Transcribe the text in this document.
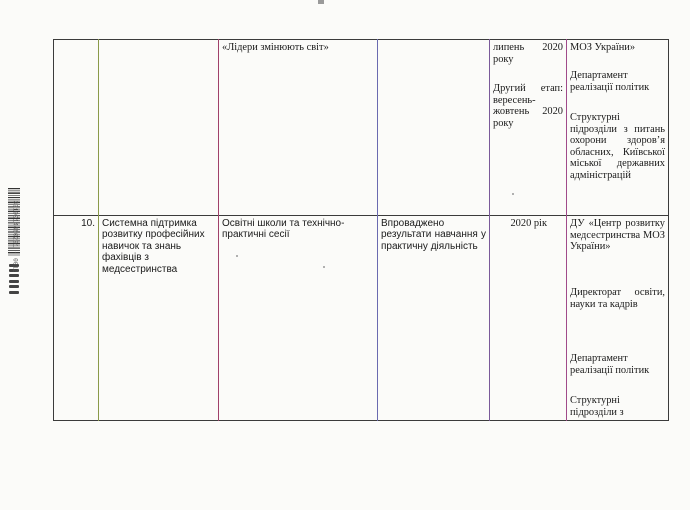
«Лідери змінюють світ»	липень 2020 року
Другий етап: вересень-жовтень 2020 року
МОЗ України»
Департамент реалізації політик
Структурні підрозділи з питань охорони здоров’я обласних, Київської міської державних адміністрацій
10. Системна підтримка розвитку професійних навичок та знань фахівців з медсестринства
Освітні школи та технічно-практичні сесії
Впроваджено результати навчання у практичну діяльність
2020 рік ДУ «Центр розвитку медсестринства МОЗ України»
Директорат освіти, науки та кадрів
Департамент реалізації політик
Структурні підрозділи з
3010014460201 - 0012
